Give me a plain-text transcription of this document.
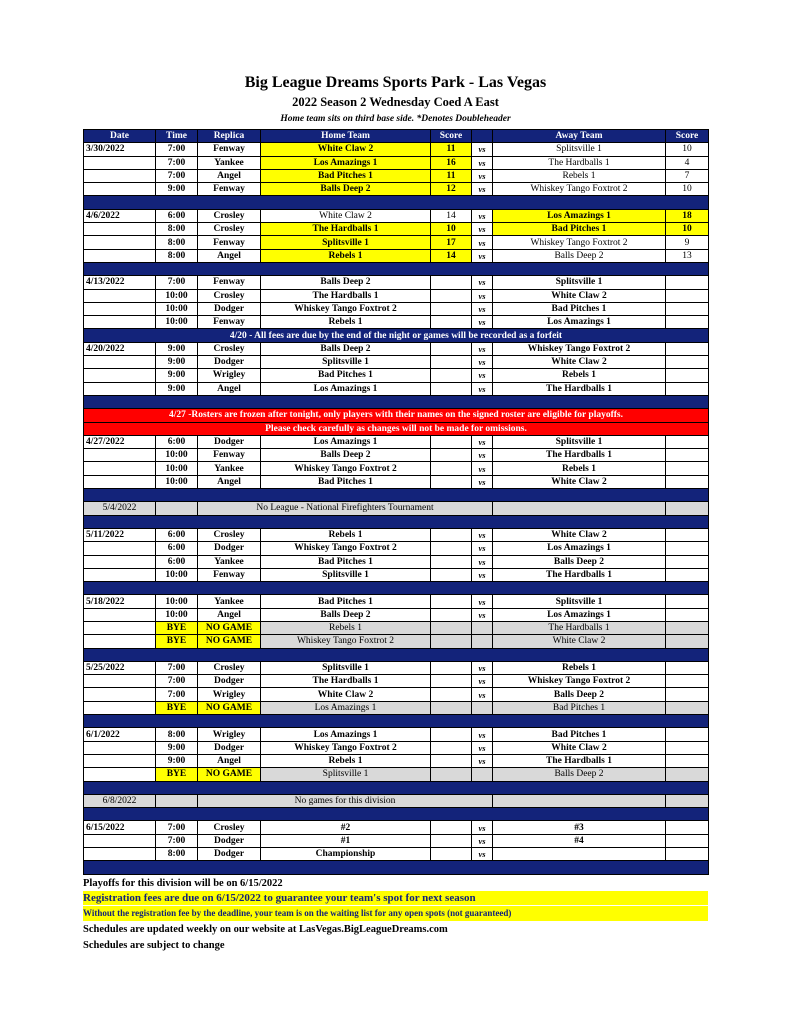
Big League Dreams Sports Park - Las Vegas
2022 Season 2 Wednesday Coed A East
Home team sits on third base side. *Denotes Doubleheader
Date	Time	Replica	Home Team	Score		Away Team	Score
3/30/2022	7:00	Fenway	White Claw 2	11	vs	Splitsville 1	10
	7:00	Yankee	Los Amazings 1	16	vs	The Hardballs 1	4
	7:00	Angel	Bad Pitches 1	11	vs	Rebels 1	7
	9:00	Fenway	Balls Deep 2	12	vs	Whiskey Tango Foxtrot 2	10

4/6/2022	6:00	Crosley	White Claw 2	14	vs	Los Amazings 1	18
	8:00	Crosley	The Hardballs 1	10	vs	Bad Pitches 1	10
	8:00	Fenway	Splitsville 1	17	vs	Whiskey Tango Foxtrot 2	9
	8:00	Angel	Rebels 1	14	vs	Balls Deep 2	13

4/13/2022	7:00	Fenway	Balls Deep 2		vs	Splitsville 1	
	10:00	Crosley	The Hardballs 1		vs	White Claw 2	
	10:00	Dodger	Whiskey Tango Foxtrot 2		vs	Bad Pitches 1	
	10:00	Fenway	Rebels 1		vs	Los Amazings 1	
4/20 - All fees are due by the end of the night or games will be recorded as a forfeit							
4/20/2022	9:00	Crosley	Balls Deep 2		vs	Whiskey Tango Foxtrot 2	
	9:00	Dodger	Splitsville 1		vs	White Claw 2	
	9:00	Wrigley	Bad Pitches 1		vs	Rebels 1	
	9:00	Angel	Los Amazings 1		vs	The Hardballs 1	

4/27 -Rosters are frozen after tonight, only players with their names on the signed roster are eligible for playoffs.							
Please check carefully as changes will not be made for omissions.							
4/27/2022	6:00	Dodger	Los Amazings 1		vs	Splitsville 1	
	10:00	Fenway	Balls Deep 2		vs	The Hardballs 1	
	10:00	Yankee	Whiskey Tango Foxtrot 2		vs	Rebels 1	
	10:00	Angel	Bad Pitches 1		vs	White Claw 2	

5/4/2022		No League - National Firefighters Tournament					

5/11/2022	6:00	Crosley	Rebels 1		vs	White Claw 2	
	6:00	Dodger	Whiskey Tango Foxtrot 2		vs	Los Amazings 1	
	6:00	Yankee	Bad Pitches 1		vs	Balls Deep 2	
	10:00	Fenway	Splitsville 1		vs	The Hardballs 1	

5/18/2022	10:00	Yankee	Bad Pitches 1		vs	Splitsville 1	
	10:00	Angel	Balls Deep 2		vs	Los Amazings 1	
	BYE	NO GAME	Rebels 1			The Hardballs 1	
	BYE	NO GAME	Whiskey Tango Foxtrot 2			White Claw 2	

5/25/2022	7:00	Crosley	Splitsville 1		vs	Rebels 1	
	7:00	Dodger	The Hardballs 1		vs	Whiskey Tango Foxtrot 2	
	7:00	Wrigley	White Claw 2		vs	Balls Deep 2	
	BYE	NO GAME	Los Amazings 1			Bad Pitches 1	

6/1/2022	8:00	Wrigley	Los Amazings 1		vs	Bad Pitches 1	
	9:00	Dodger	Whiskey Tango Foxtrot 2		vs	White Claw 2	
	9:00	Angel	Rebels 1		vs	The Hardballs 1	
	BYE	NO GAME	Splitsville 1			Balls Deep 2	

6/8/2022		No games for this division					

6/15/2022	7:00	Crosley	#2		vs	#3	
	7:00	Dodger	#1		vs	#4	
	8:00	Dodger	Championship		vs		

Playoffs for this division will be on 6/15/2022
Registration fees are due on 6/15/2022 to guarantee your team's spot for next season
Without the registration fee by the deadline, your team is on the waiting list for any open spots (not guaranteed)
Schedules are updated weekly on our website at LasVegas.BigLeagueDreams.com
Schedules are subject to change
